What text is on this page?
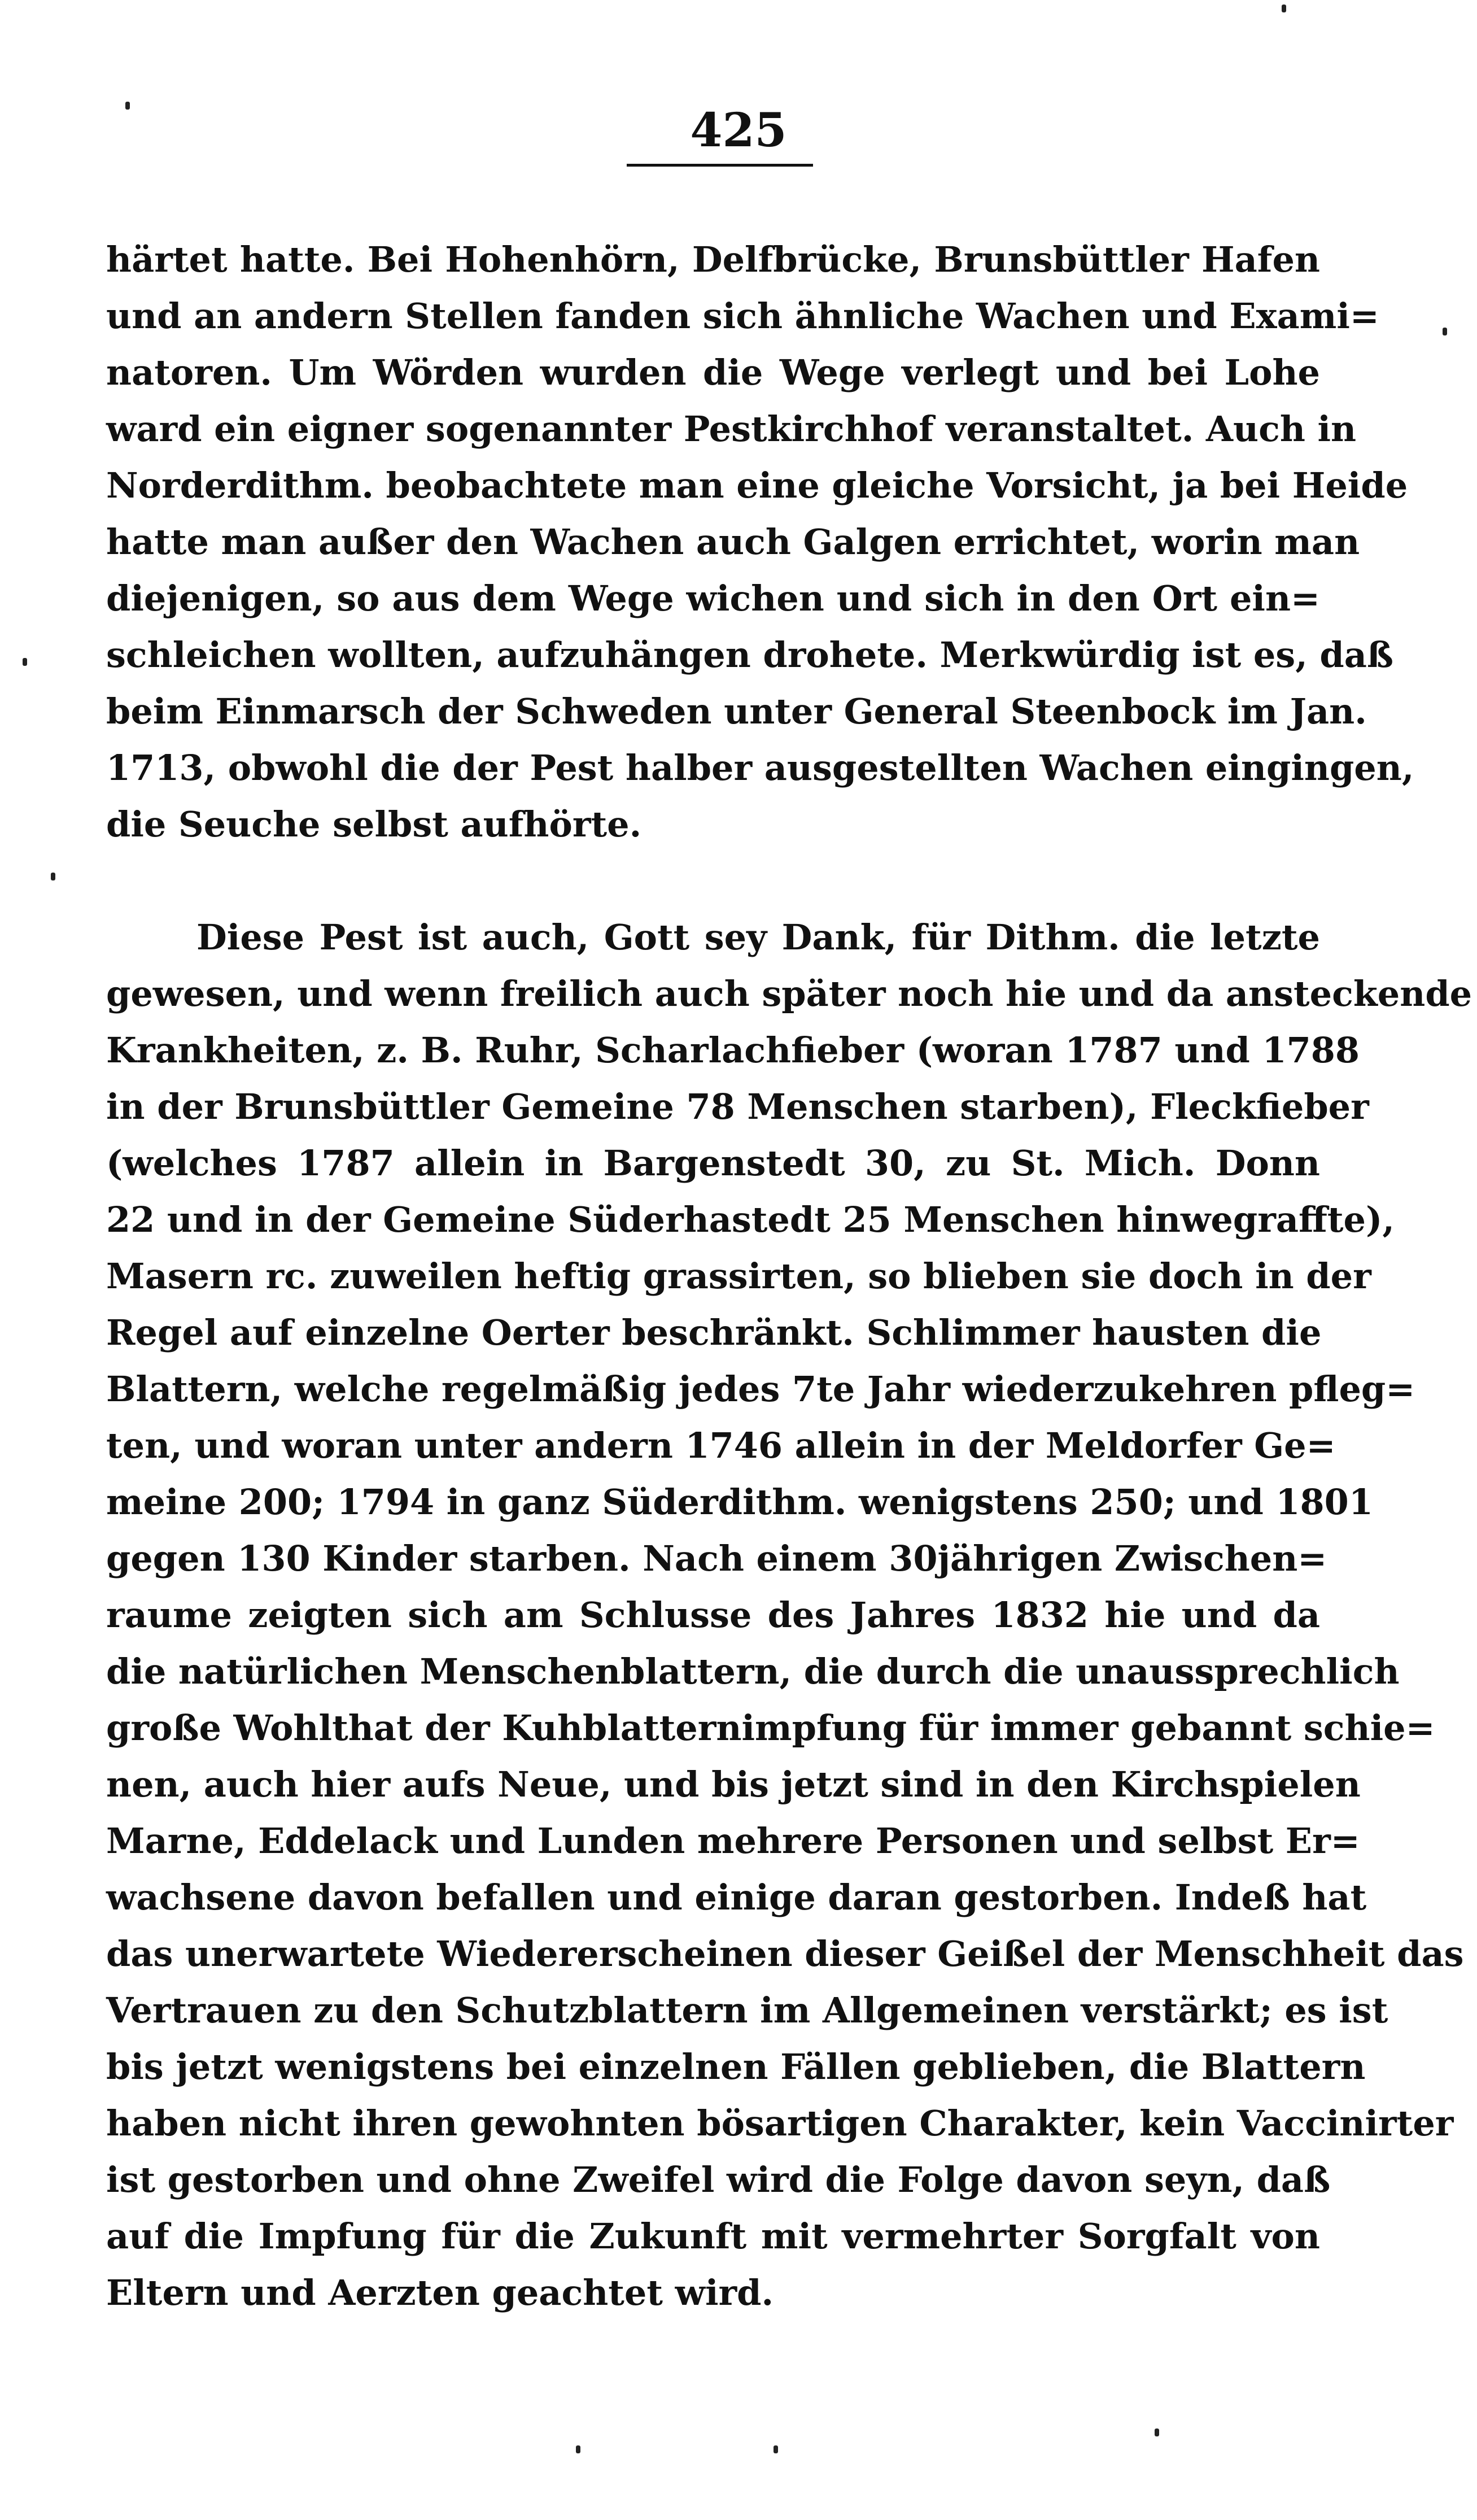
425
härtet hatte. Bei Hohenhörn, Delfbrücke, Brunsbüttler Hafen
und an andern Stellen fanden sich ähnliche Wachen und Exami=
natoren. Um Wörden wurden die Wege verlegt und bei Lohe
ward ein eigner sogenannter Pestkirchhof veranstaltet. Auch in
Norderdithm. beobachtete man eine gleiche Vorsicht, ja bei Heide
hatte man außer den Wachen auch Galgen errichtet, worin man
diejenigen, so aus dem Wege wichen und sich in den Ort ein=
schleichen wollten, aufzuhängen drohete. Merkwürdig ist es, daß
beim Einmarsch der Schweden unter General Steenbock im Jan.
1713, obwohl die der Pest halber ausgestellten Wachen eingingen,
die Seuche selbst aufhörte.
Diese Pest ist auch, Gott sey Dank, für Dithm. die letzte
gewesen, und wenn freilich auch später noch hie und da ansteckende
Krankheiten, z. B. Ruhr, Scharlachfieber (woran 1787 und 1788
in der Brunsbüttler Gemeine 78 Menschen starben), Fleckfieber
(welches 1787 allein in Bargenstedt 30, zu St. Mich. Donn
22 und in der Gemeine Süderhastedt 25 Menschen hinwegraffte),
Masern rc. zuweilen heftig grassirten, so blieben sie doch in der
Regel auf einzelne Oerter beschränkt. Schlimmer hausten die
Blattern, welche regelmäßig jedes 7te Jahr wiederzukehren pfleg=
ten, und woran unter andern 1746 allein in der Meldorfer Ge=
meine 200; 1794 in ganz Süderdithm. wenigstens 250; und 1801
gegen 130 Kinder starben. Nach einem 30jährigen Zwischen=
raume zeigten sich am Schlusse des Jahres 1832 hie und da
die natürlichen Menschenblattern, die durch die unaussprechlich
große Wohlthat der Kuhblatternimpfung für immer gebannt schie=
nen, auch hier aufs Neue, und bis jetzt sind in den Kirchspielen
Marne, Eddelack und Lunden mehrere Personen und selbst Er=
wachsene davon befallen und einige daran gestorben. Indeß hat
das unerwartete Wiedererscheinen dieser Geißel der Menschheit das
Vertrauen zu den Schutzblattern im Allgemeinen verstärkt; es ist
bis jetzt wenigstens bei einzelnen Fällen geblieben, die Blattern
haben nicht ihren gewohnten bösartigen Charakter, kein Vaccinirter
ist gestorben und ohne Zweifel wird die Folge davon seyn, daß
auf die Impfung für die Zukunft mit vermehrter Sorgfalt von
Eltern und Aerzten geachtet wird.
